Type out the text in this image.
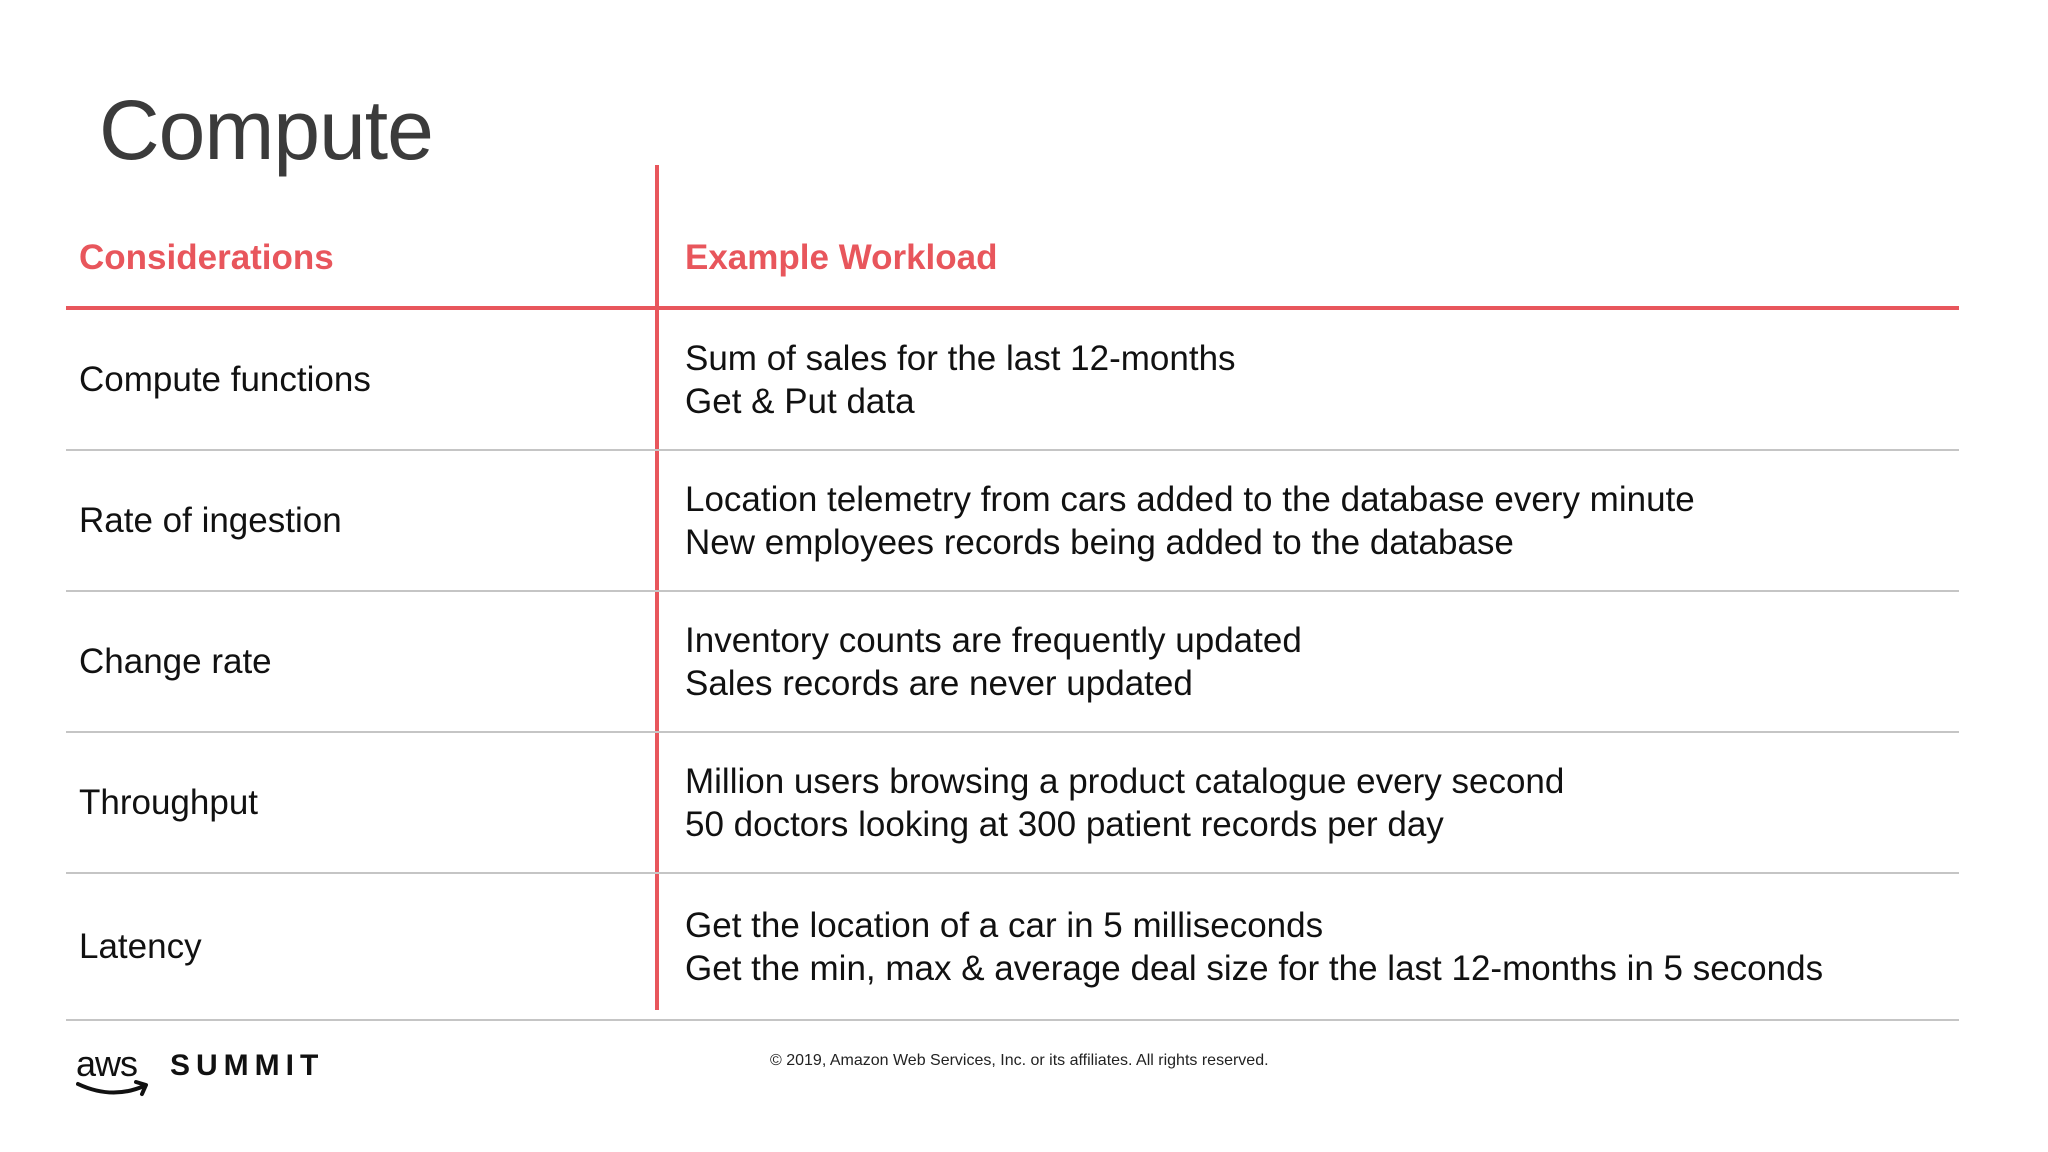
Compute
Considerations	Example Workload
Compute functions
Sum of sales for the last 12-months
Get & Put data
Rate of ingestion
Location telemetry from cars added to the database every minute
New employees records being added to the database
Change rate
Inventory counts are frequently updated
Sales records are never updated
Throughput
Million users browsing a product catalogue every second
50 doctors looking at 300 patient records per day
Latency
Get the location of a car in 5 milliseconds
Get the min, max & average deal size for the last 12-months in 5 seconds
aws SUMMIT	© 2019, Amazon Web Services, Inc. or its affiliates. All rights reserved.
